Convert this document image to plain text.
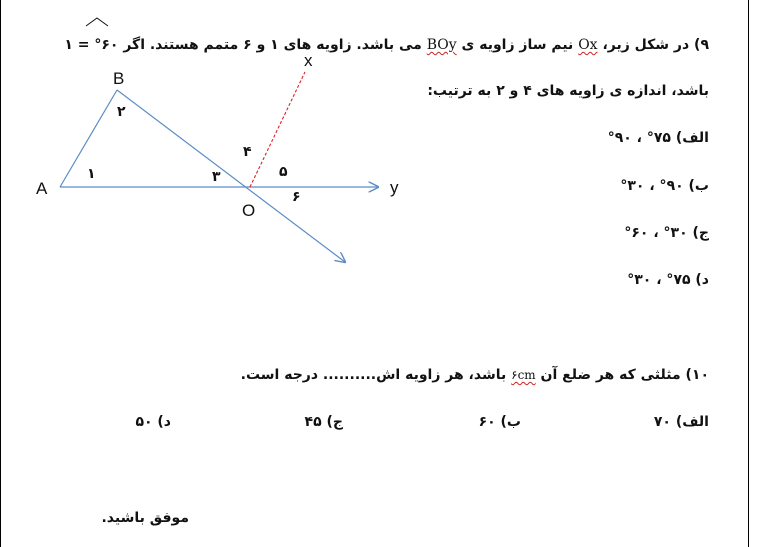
۹) در شکل زیر، Ox نیم ساز زاویه ی BOy می باشد. زاویه های ۱ و ۶ متمم هستند. اگر ۶۰° = ۱
باشد، اندازه ی زاویه های ۴ و ۲ به ترتیب:
الف) ۷۵° ، ۹۰°
ب) ۹۰° ، ۳۰°
ج) ۳۰° ، ۶۰°
د) ۷۵° ، ۳۰°
A
B
O
x
y
۱
۲
۳
۴
۵
۶
۱۰) مثلثی که هر ضلع آن ۶cm باشد، هر زاویه اش.......... درجه است.
الف) ۷۰
ب) ۶۰
ج) ۴۵
د) ۵۰
موفق باشید.
